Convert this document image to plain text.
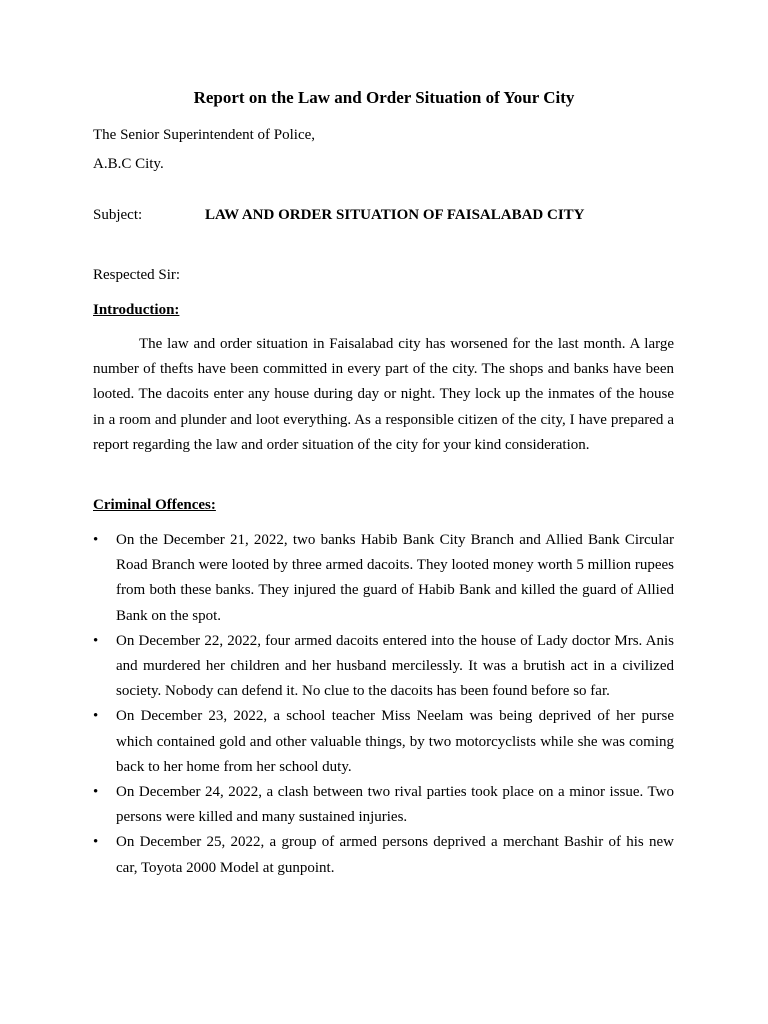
Report on the Law and Order Situation of Your City
The Senior Superintendent of Police,
A.B.C City.
Subject:	LAW AND ORDER SITUATION OF FAISALABAD CITY
Respected Sir:
Introduction:

The law and order situation in Faisalabad city has worsened for the last month. A large number of thefts have been committed in every part of the city. The shops and banks have been looted. The dacoits enter any house during day or night. They lock up the inmates of the house in a room and plunder and loot everything. As a responsible citizen of the city, I have prepared a report regarding the law and order situation of the city for your kind consideration.

Criminal Offences:
•	On the December 21, 2022, two banks Habib Bank City Branch and Allied Bank Circular Road Branch were looted by three armed dacoits. They looted money worth 5 million rupees from both these banks. They injured the guard of Habib Bank and killed the guard of Allied Bank on the spot.
•	On December 22, 2022, four armed dacoits entered into the house of Lady doctor Mrs. Anis and murdered her children and her husband mercilessly. It was a brutish act in a civilized society. Nobody can defend it. No clue to the dacoits has been found before so far.
•	On December 23, 2022, a school teacher Miss Neelam was being deprived of her purse which contained gold and other valuable things, by two motorcyclists while she was coming back to her home from her school duty.
•	On December 24, 2022, a clash between two rival parties took place on a minor issue. Two persons were killed and many sustained injuries.
•	On December 25, 2022, a group of armed persons deprived a merchant Bashir of his new car, Toyota 2000 Model at gunpoint.
